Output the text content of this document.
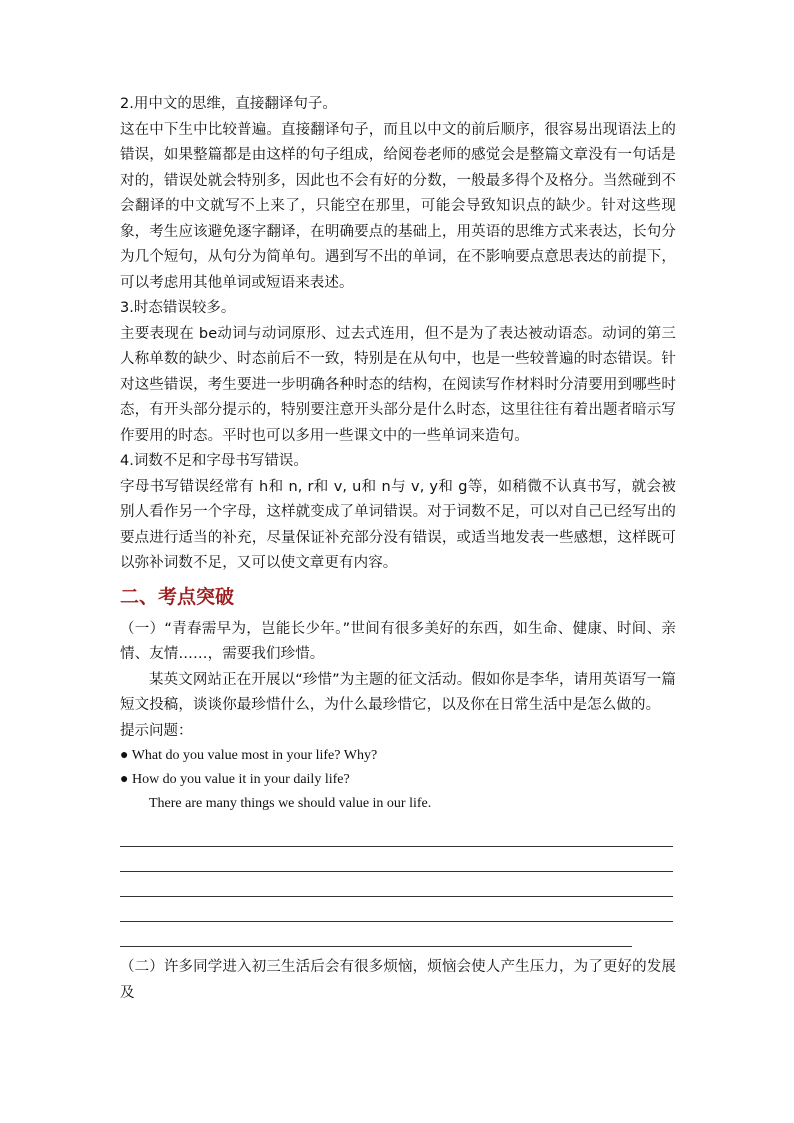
2.用中文的思维，直接翻译句子。

这在中下生中比较普遍。直接翻译句子，而且以中文的前后顺序，很容易出现语法上的错误，如果整篇都是由这样的句子组成，给阅卷老师的感觉会是整篇文章没有一句话是对的，错误处就会特别多，因此也不会有好的分数，一般最多得个及格分。当然碰到不会翻译的中文就写不上来了，只能空在那里，可能会导致知识点的缺少。针对这些现象，考生应该避免逐字翻译，在明确要点的基础上，用英语的思维方式来表达，长句分为几个短句，从句分为简单句。遇到写不出的单词，在不影响要点意思表达的前提下，可以考虑用其他单词或短语来表述。

3.时态错误较多。

主要表现在 be动词与动词原形、过去式连用，但不是为了表达被动语态。动词的第三人称单数的缺少、时态前后不一致，特别是在从句中，也是一些较普遍的时态错误。针对这些错误，考生要进一步明确各种时态的结构，在阅读写作材料时分清要用到哪些时态，有开头部分提示的，特别要注意开头部分是什么时态，这里往往有着出题者暗示写作要用的时态。平时也可以多用一些课文中的一些单词来造句。

4.词数不足和字母书写错误。

字母书写错误经常有 h和 n, r和 v, u和 n与 v, y和 g等，如稍微不认真书写，就会被别人看作另一个字母，这样就变成了单词错误。对于词数不足，可以对自己已经写出的要点进行适当的补充，尽量保证补充部分没有错误，或适当地发表一些感想，这样既可以弥补词数不足，又可以使文章更有内容。

二、考点突破

（一）“青春需早为，岂能长少年。”世间有很多美好的东西，如生命、健康、时间、亲情、友情……，需要我们珍惜。

某英文网站正在开展以“珍惜”为主题的征文活动。假如你是李华，请用英语写一篇短文投稿，谈谈你最珍惜什么，为什么最珍惜它，以及你在日常生活中是怎么做的。

提示问题：

● What do you value most in your life? Why?

● How do you value it in your daily life?

There are many things we should value in our life.

（二）许多同学进入初三生活后会有很多烦恼，烦恼会使人产生压力，为了更好的发展及
